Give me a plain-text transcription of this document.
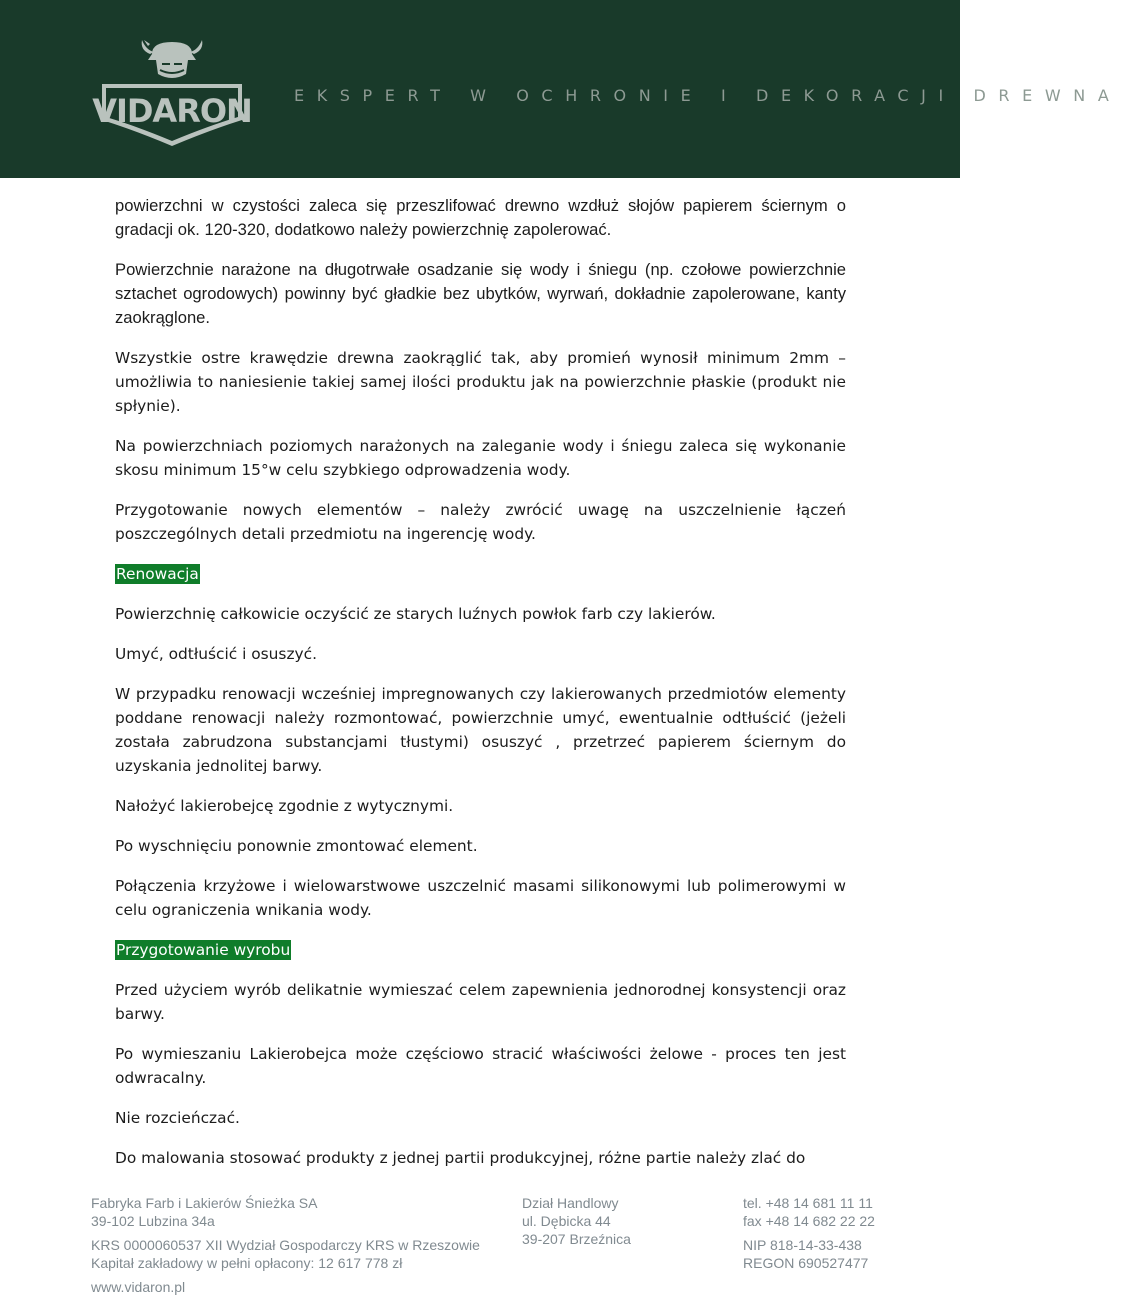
VIDARON	EKSPERT W OCHRONIE I DEKORACJI DREWNA

powierzchni w czystości zaleca się przeszlifować drewno wzdłuż słojów papierem ściernym o gradacji ok. 120-320, dodatkowo należy powierzchnię zapolerować.

Powierzchnie narażone na długotrwałe osadzanie się wody i śniegu (np. czołowe powierzchnie sztachet ogrodowych) powinny być gładkie bez ubytków, wyrwań, dokładnie zapolerowane, kanty zaokrąglone.

Wszystkie ostre krawędzie drewna zaokrąglić tak, aby promień wynosił minimum 2mm – umożliwia to naniesienie takiej samej ilości produktu jak na powierzchnie płaskie (produkt nie spłynie).

Na powierzchniach poziomych narażonych na zaleganie wody i śniegu zaleca się wykonanie skosu minimum 15°w celu szybkiego odprowadzenia wody.

Przygotowanie nowych elementów – należy zwrócić uwagę na uszczelnienie łączeń poszczególnych detali przedmiotu na ingerencję wody.

Renowacja

Powierzchnię całkowicie oczyścić ze starych luźnych powłok farb czy lakierów.

Umyć, odtłuścić i osuszyć.

W przypadku renowacji wcześniej impregnowanych czy lakierowanych przedmiotów elementy poddane renowacji należy rozmontować, powierzchnie umyć, ewentualnie odtłuścić (jeżeli została zabrudzona substancjami tłustymi) osuszyć , przetrzeć papierem ściernym do uzyskania jednolitej barwy.

Nałożyć lakierobejcę zgodnie z wytycznymi.

Po wyschnięciu ponownie zmontować element.

Połączenia krzyżowe i wielowarstwowe uszczelnić masami silikonowymi lub polimerowymi w celu ograniczenia wnikania wody.

Przygotowanie wyrobu

Przed użyciem wyrób delikatnie wymieszać celem zapewnienia jednorodnej konsystencji oraz barwy.

Po wymieszaniu Lakierobejca może częściowo stracić właściwości żelowe - proces ten jest odwracalny.

Nie rozcieńczać.

Do malowania stosować produkty z jednej partii produkcyjnej, różne partie należy zlać do

Fabryka Farb i Lakierów Śnieżka SA
39-102 Lubzina 34a
KRS 0000060537 XII Wydział Gospodarczy KRS w Rzeszowie
Kapitał zakładowy w pełni opłacony: 12 617 778 zł
www.vidaron.pl
Dział Handlowy
ul. Dębicka 44
39-207 Brzeźnica
tel. +48 14 681 11 11
fax +48 14 682 22 22
NIP 818-14-33-438
REGON 690527477
